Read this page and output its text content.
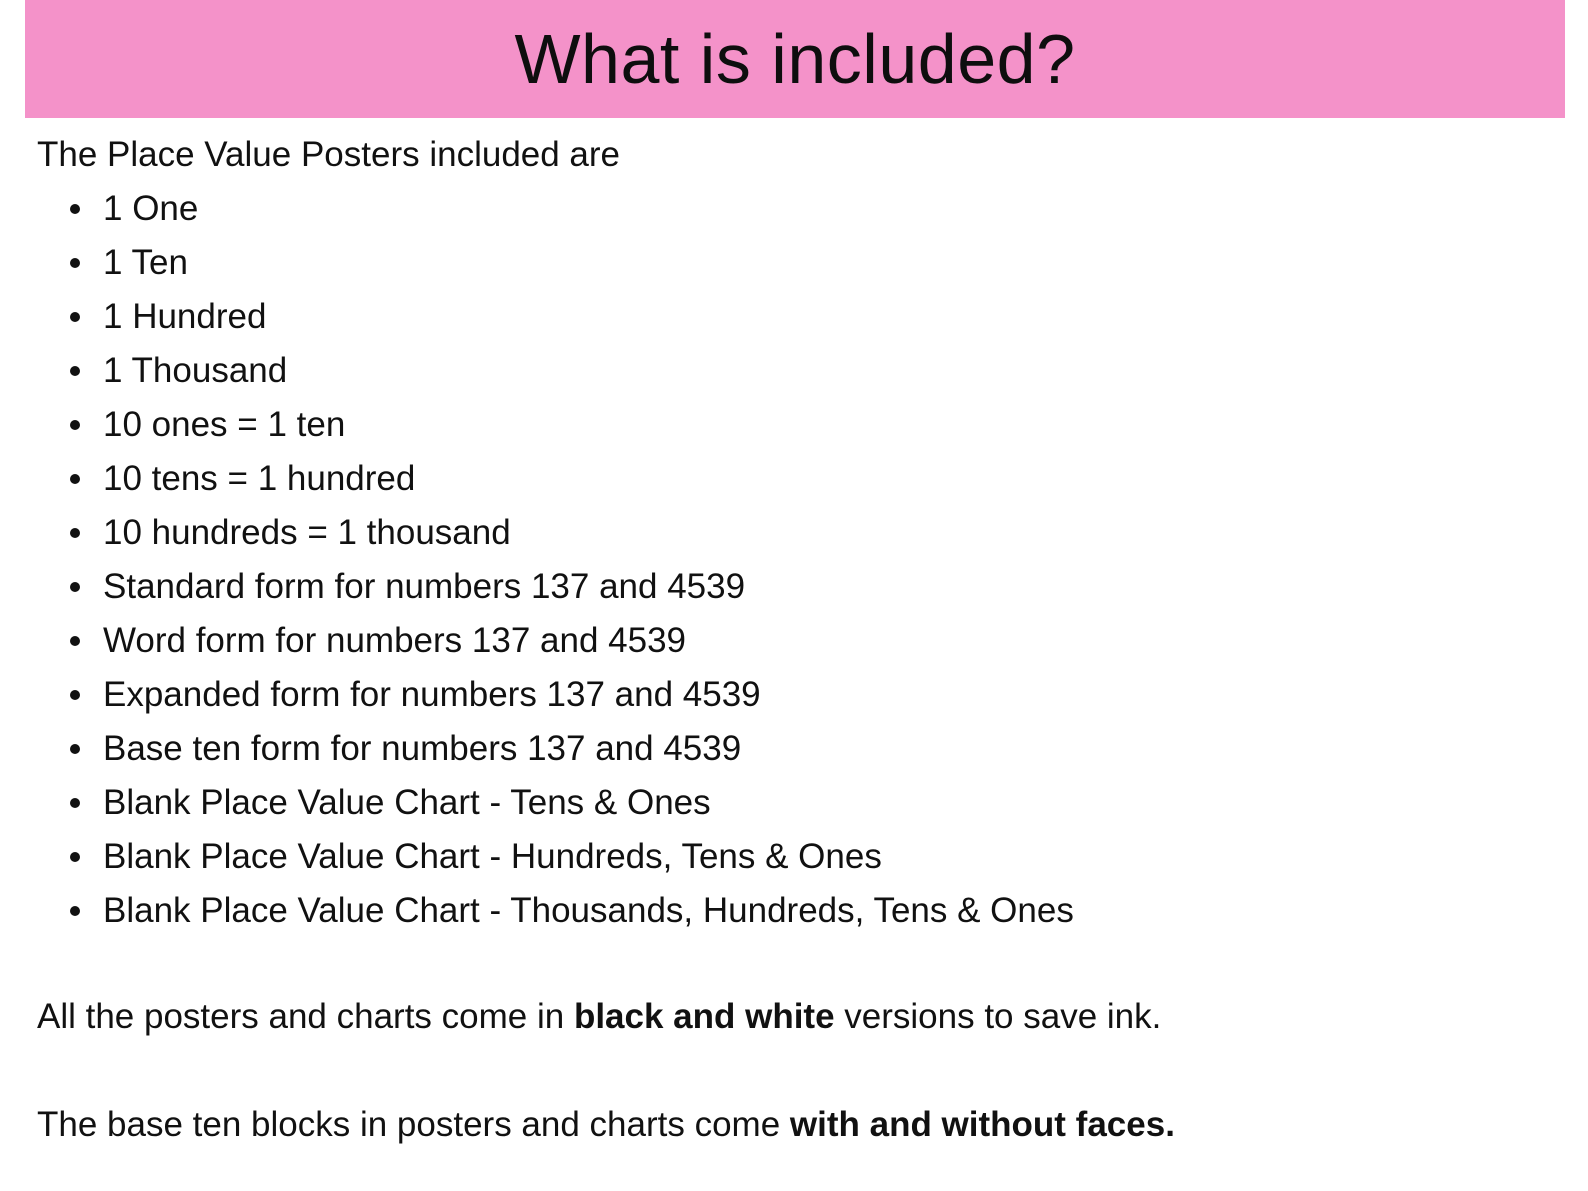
What is included?

The Place Value Posters included are

1 One
1 Ten
1 Hundred
1 Thousand
10 ones = 1 ten
10 tens = 1 hundred
10 hundreds = 1 thousand
Standard form for numbers 137 and 4539
Word form for numbers 137 and 4539
Expanded form for numbers 137 and 4539
Base ten form for numbers 137 and 4539
Blank Place Value Chart - Tens & Ones
Blank Place Value Chart - Hundreds, Tens & Ones
Blank Place Value Chart - Thousands, Hundreds, Tens & Ones

All the posters and charts come in black and white versions to save ink.

The base ten blocks in posters and charts come with and without faces.
